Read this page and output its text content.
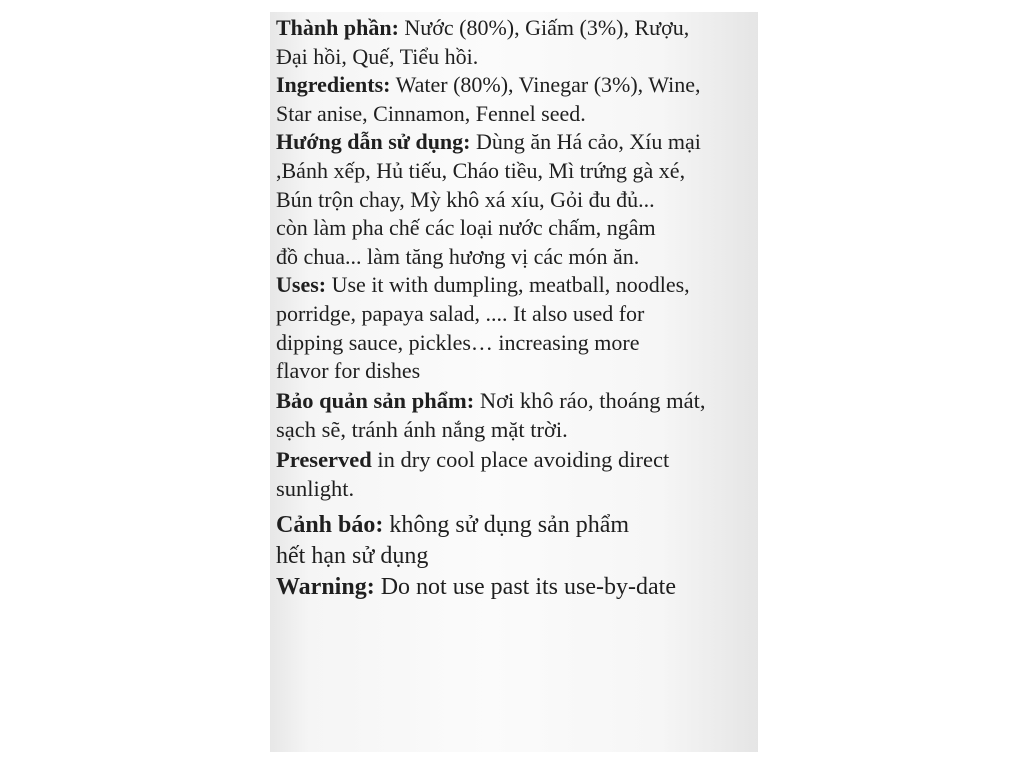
Thành phần: Nước (80%), Giấm (3%), Rượu,
Đại hồi, Quế, Tiểu hồi.
Ingredients: Water (80%), Vinegar (3%), Wine,
Star anise, Cinnamon, Fennel seed.
Hướng dẫn sử dụng: Dùng ăn Há cảo, Xíu mại
,Bánh xếp, Hủ tiếu, Cháo tiều, Mì trứng gà xé,
Bún trộn chay, Mỳ khô xá xíu, Gỏi đu đủ...
còn làm pha chế các loại nước chấm, ngâm
đồ chua... làm tăng hương vị các món ăn.
Uses: Use it with dumpling, meatball, noodles,
porridge, papaya salad, .... It also used for
dipping sauce, pickles… increasing more
flavor for dishes
Bảo quản sản phẩm: Nơi khô ráo, thoáng mát,
sạch sẽ, tránh ánh nắng mặt trời.
Preserved in dry cool place avoiding direct
sunlight.
Cảnh báo: không sử dụng sản phẩm
hết hạn sử dụng
Warning: Do not use past its use-by-date
